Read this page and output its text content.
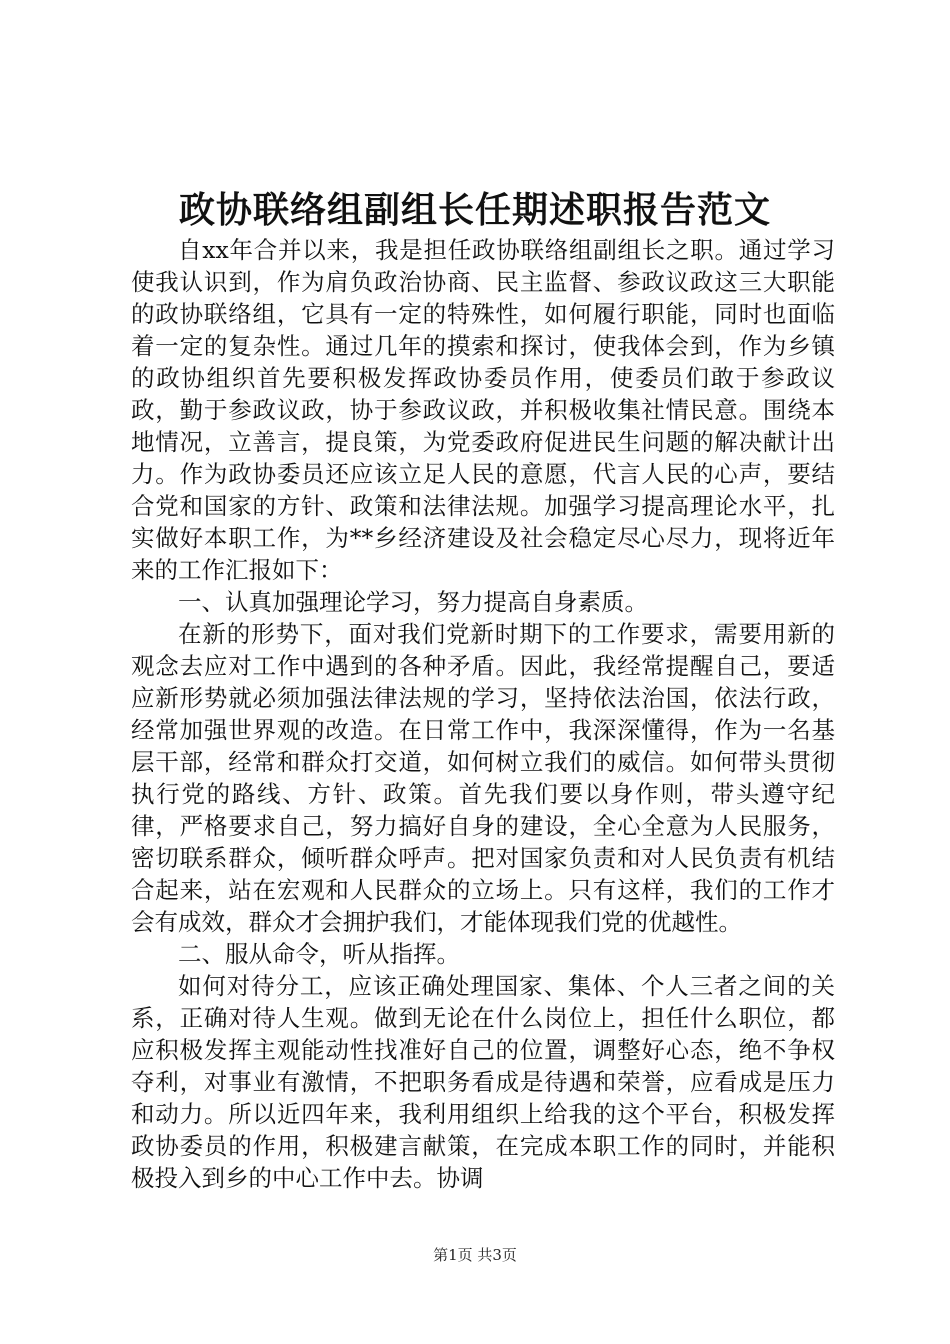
政协联络组副组长任期述职报告范文

自xx年合并以来，我是担任政协联络组副组长之职。通过学习使我认识到，作为肩负政治协商、民主监督、参政议政这三大职能的政协联络组，它具有一定的特殊性，如何履行职能，同时也面临着一定的复杂性。通过几年的摸索和探讨，使我体会到，作为乡镇的政协组织首先要积极发挥政协委员作用，使委员们敢于参政议政，勤于参政议政，协于参政议政，并积极收集社情民意。围绕本地情况，立善言，提良策，为党委政府促进民生问题的解决献计出力。作为政协委员还应该立足人民的意愿，代言人民的心声，要结合党和国家的方针、政策和法律法规。加强学习提高理论水平，扎实做好本职工作，为**乡经济建设及社会稳定尽心尽力，现将近年来的工作汇报如下：

一、认真加强理论学习，努力提高自身素质。

在新的形势下，面对我们党新时期下的工作要求，需要用新的观念去应对工作中遇到的各种矛盾。因此，我经常提醒自己，要适应新形势就必须加强法律法规的学习，坚持依法治国，依法行政，经常加强世界观的改造。在日常工作中，我深深懂得，作为一名基层干部，经常和群众打交道，如何树立我们的威信。如何带头贯彻执行党的路线、方针、政策。首先我们要以身作则，带头遵守纪律，严格要求自己，努力搞好自身的建设，全心全意为人民服务，密切联系群众，倾听群众呼声。把对国家负责和对人民负责有机结合起来，站在宏观和人民群众的立场上。只有这样，我们的工作才会有成效，群众才会拥护我们，才能体现我们党的优越性。

二、服从命令，听从指挥。

如何对待分工，应该正确处理国家、集体、个人三者之间的关系，正确对待人生观。做到无论在什么岗位上，担任什么职位，都应积极发挥主观能动性找准好自己的位置，调整好心态，绝不争权夺利，对事业有激情，不把职务看成是待遇和荣誉，应看成是压力和动力。所以近四年来，我利用组织上给我的这个平台，积极发挥政协委员的作用，积极建言献策，在完成本职工作的同时，并能积极投入到乡的中心工作中去。协调

第1页 共3页
